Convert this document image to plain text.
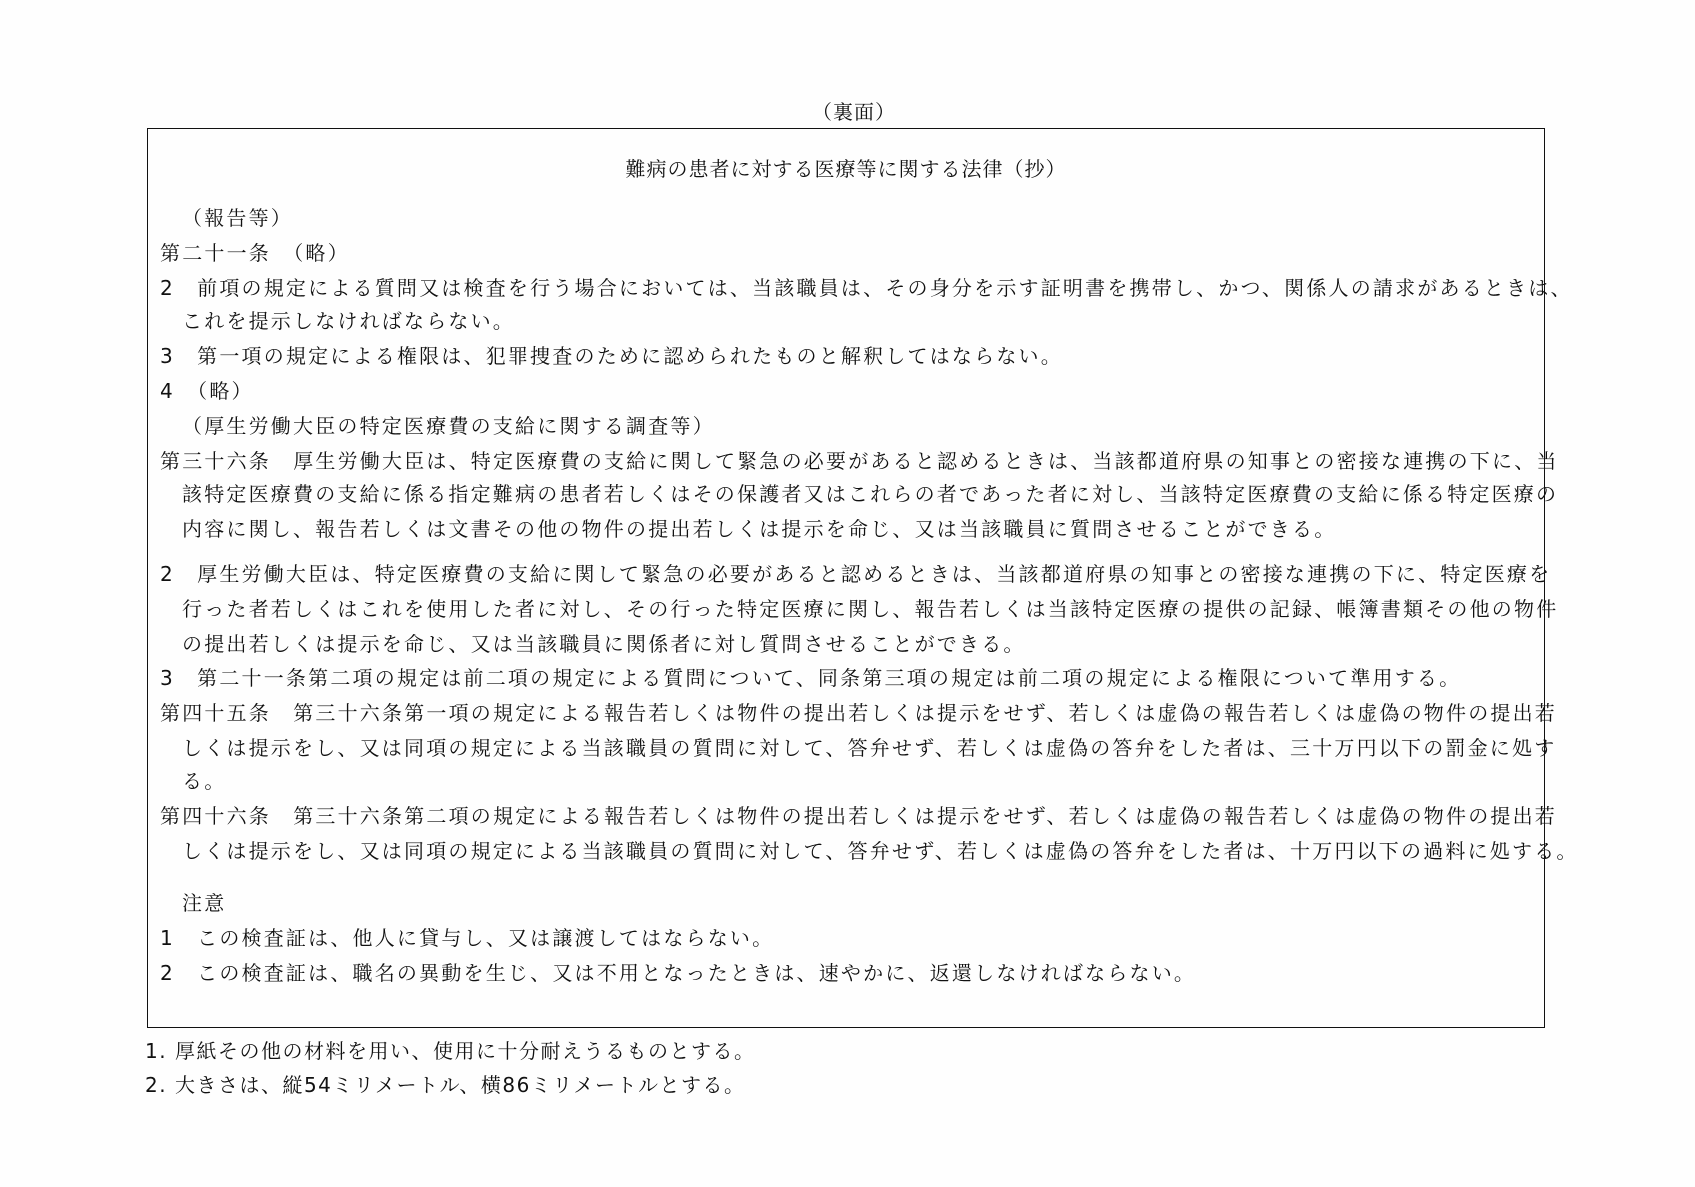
（裏面）
難病の患者に対する医療等に関する法律（抄）
（報告等）
第二十一条　（略）
2　前項の規定による質問又は検査を行う場合においては、当該職員は、その身分を示す証明書を携帯し、かつ、関係人の請求があるときは、
これを提示しなければならない。
3　第一項の規定による権限は、犯罪捜査のために認められたものと解釈してはならない。
4　（略）
（厚生労働大臣の特定医療費の支給に関する調査等）
第三十六条　厚生労働大臣は、特定医療費の支給に関して緊急の必要があると認めるときは、当該都道府県の知事との密接な連携の下に、当
該特定医療費の支給に係る指定難病の患者若しくはその保護者又はこれらの者であった者に対し、当該特定医療費の支給に係る特定医療の
内容に関し、報告若しくは文書その他の物件の提出若しくは提示を命じ、又は当該職員に質問させることができる。
2　厚生労働大臣は、特定医療費の支給に関して緊急の必要があると認めるときは、当該都道府県の知事との密接な連携の下に、特定医療を
行った者若しくはこれを使用した者に対し、その行った特定医療に関し、報告若しくは当該特定医療の提供の記録、帳簿書類その他の物件
の提出若しくは提示を命じ、又は当該職員に関係者に対し質問させることができる。
3　第二十一条第二項の規定は前二項の規定による質問について、同条第三項の規定は前二項の規定による権限について準用する。
第四十五条　第三十六条第一項の規定による報告若しくは物件の提出若しくは提示をせず、若しくは虚偽の報告若しくは虚偽の物件の提出若
しくは提示をし、又は同項の規定による当該職員の質問に対して、答弁せず、若しくは虚偽の答弁をした者は、三十万円以下の罰金に処す
る。
第四十六条　第三十六条第二項の規定による報告若しくは物件の提出若しくは提示をせず、若しくは虚偽の報告若しくは虚偽の物件の提出若
しくは提示をし、又は同項の規定による当該職員の質問に対して、答弁せず、若しくは虚偽の答弁をした者は、十万円以下の過料に処する。
注意
1　この検査証は、他人に貸与し、又は譲渡してはならない。
2　この検査証は、職名の異動を生じ、又は不用となったときは、速やかに、返還しなければならない。
1. 厚紙その他の材料を用い、使用に十分耐えうるものとする。
2. 大きさは、縦54ミリメートル、横86ミリメートルとする。
